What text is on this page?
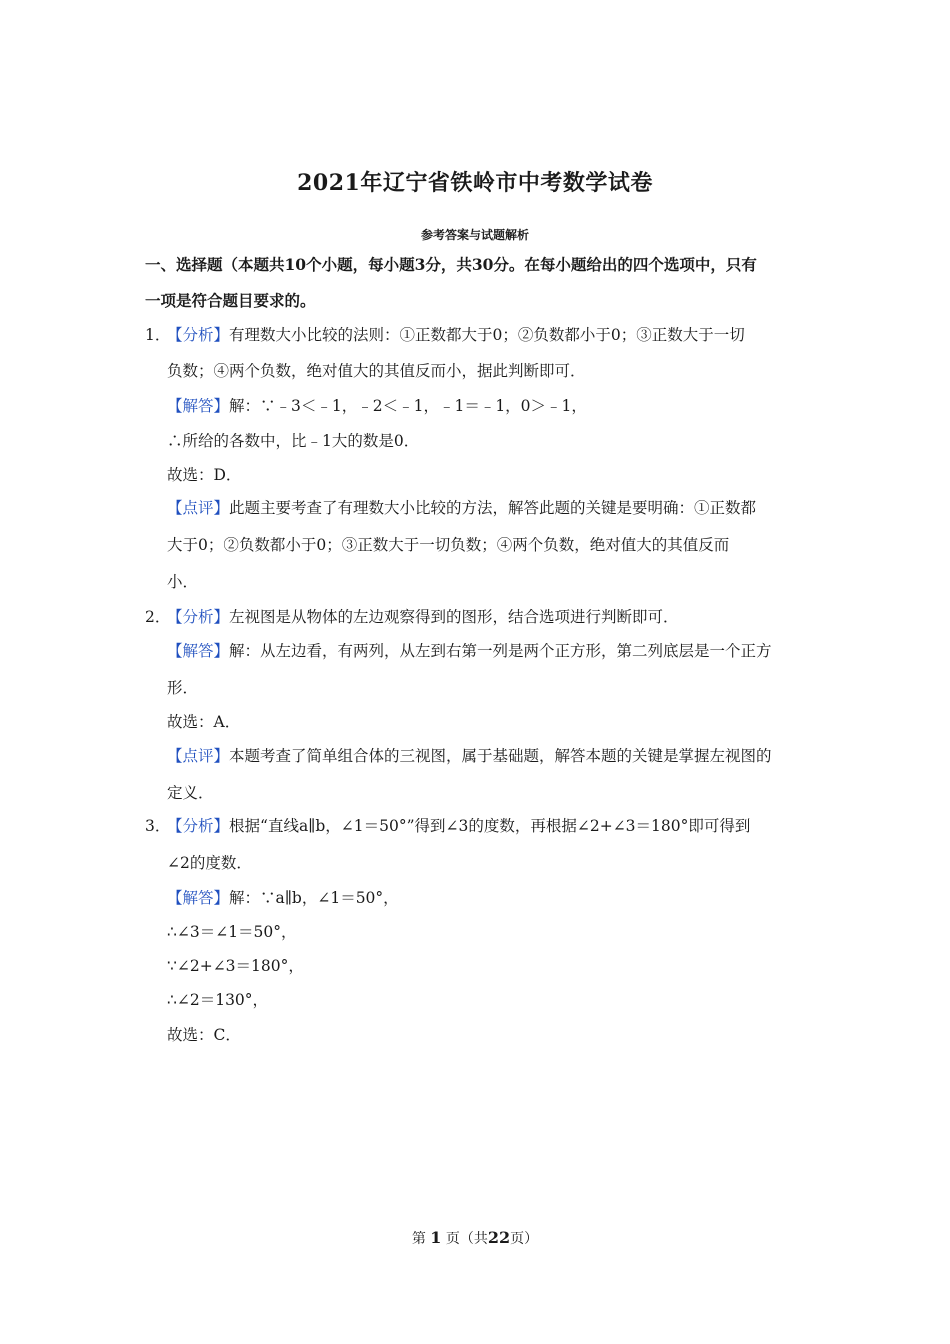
2021年辽宁省铁岭市中考数学试卷
参考答案与试题解析
一、选择题（本题共10个小题，每小题3分，共30分。在每小题给出的四个选项中，只有
一项是符合题目要求的。
1．【分析】有理数大小比较的法则：①正数都大于0；②负数都小于0；③正数大于一切
负数；④两个负数，绝对值大的其值反而小，据此判断即可．
【解答】解：∵﹣3＜﹣1，﹣2＜﹣1，﹣1＝﹣1，0＞﹣1，
∴所给的各数中，比﹣1大的数是0．
故选：D．
【点评】此题主要考查了有理数大小比较的方法，解答此题的关键是要明确：①正数都
大于0；②负数都小于0；③正数大于一切负数；④两个负数，绝对值大的其值反而
小．
2．【分析】左视图是从物体的左边观察得到的图形，结合选项进行判断即可．
【解答】解：从左边看，有两列，从左到右第一列是两个正方形，第二列底层是一个正方
形．
故选：A．
【点评】本题考查了简单组合体的三视图，属于基础题，解答本题的关键是掌握左视图的
定义．
3．【分析】根据“直线a∥b，∠1＝50°”得到∠3的度数，再根据∠2+∠3＝180°即可得到
∠2的度数．
【解答】解：∵a∥b，∠1＝50°，
∴∠3＝∠1＝50°，
∵∠2+∠3＝180°，
∴∠2＝130°，
故选：C．
第 1 页（共22页）
